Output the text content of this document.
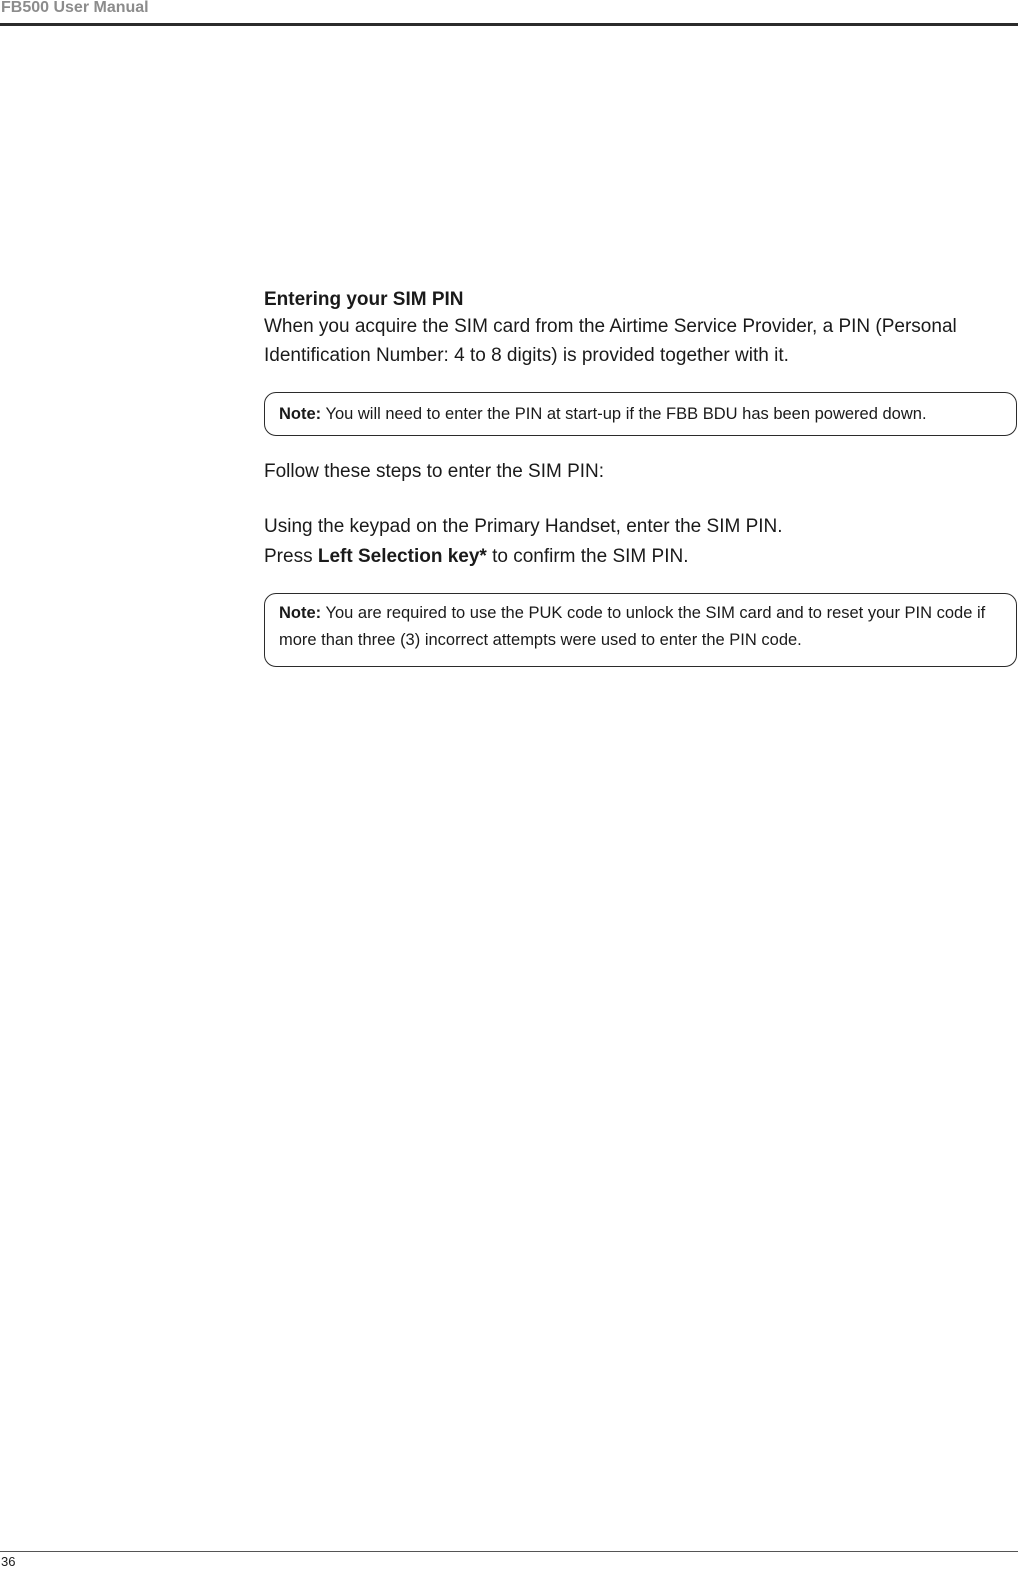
FB500 User Manual
Entering your SIM PIN
When you acquire the SIM card from the Airtime Service Provider, a PIN (Personal
Identification Number: 4 to 8 digits) is provided together with it.
Note: You will need to enter the PIN at start-up if the FBB BDU has been powered down.
Follow these steps to enter the SIM PIN:
Using the keypad on the Primary Handset, enter the SIM PIN.
Press Left Selection key* to confirm the SIM PIN.
Note: You are required to use the PUK code to unlock the SIM card and to reset your PIN code if more than three (3) incorrect attempts were used to enter the PIN code.
36
